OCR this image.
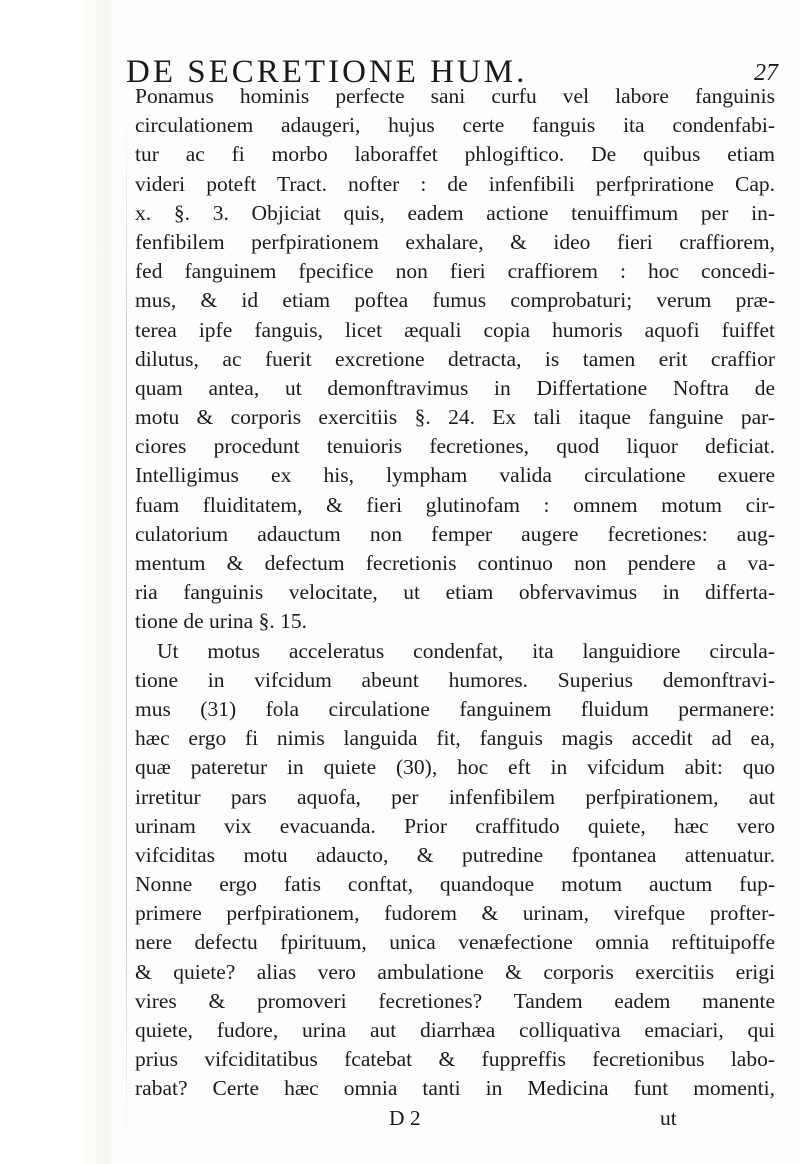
DE SECRETIONE HUM.	27
Ponamus hominis perfecte sani curfu vel labore fanguinis
circulationem adaugeri, hujus certe fanguis ita condenfabi-
tur ac fi morbo laboraffet phlogiftico. De quibus etiam
videri poteft Tract. nofter : de infenfibili perfpriratione Cap.
x. §. 3. Objiciat quis, eadem actione tenuiffimum per in-
fenfibilem perfpirationem exhalare, & ideo fieri craffiorem,
fed fanguinem fpecifice non fieri craffiorem : hoc concedi-
mus, & id etiam poftea fumus comprobaturi; verum præ-
terea ipfe fanguis, licet æquali copia humoris aquofi fuiffet
dilutus, ac fuerit excretione detracta, is tamen erit craffior
quam antea, ut demonftravimus in Differtatione Noftra de
motu & corporis exercitiis §. 24. Ex tali itaque fanguine par-
ciores procedunt tenuioris fecretiones, quod liquor deficiat.
Intelligimus ex his, lympham valida circulatione exuere
fuam fluiditatem, & fieri glutinofam : omnem motum cir-
culatorium adauctum non femper augere fecretiones: aug-
mentum & defectum fecretionis continuo non pendere a va-
ria fanguinis velocitate, ut etiam obfervavimus in differta-
tione de urina §. 15.
Ut motus acceleratus condenfat, ita languidiore circula-
tione in vifcidum abeunt humores. Superius demonftravi-
mus (31) fola circulatione fanguinem fluidum permanere:
hæc ergo fi nimis languida fit, fanguis magis accedit ad ea,
quæ pateretur in quiete (30), hoc eft in vifcidum abit: quo
irretitur pars aquofa, per infenfibilem perfpirationem, aut
urinam vix evacuanda. Prior craffitudo quiete, hæc vero
vifciditas motu adaucto, & putredine fpontanea attenuatur.
Nonne ergo fatis conftat, quandoque motum auctum fup-
primere perfpirationem, fudorem & urinam, virefque profter-
nere defectu fpirituum, unica venæfectione omnia reftituipoffe
& quiete? alias vero ambulatione & corporis exercitiis erigi
vires & promoveri fecretiones? Tandem eadem manente
quiete, fudore, urina aut diarrhæa colliquativa emaciari, qui
prius vifciditatibus fcatebat & fuppreffis fecretionibus labo-
rabat? Certe hæc omnia tanti in Medicina funt momenti,
D 2	ut
